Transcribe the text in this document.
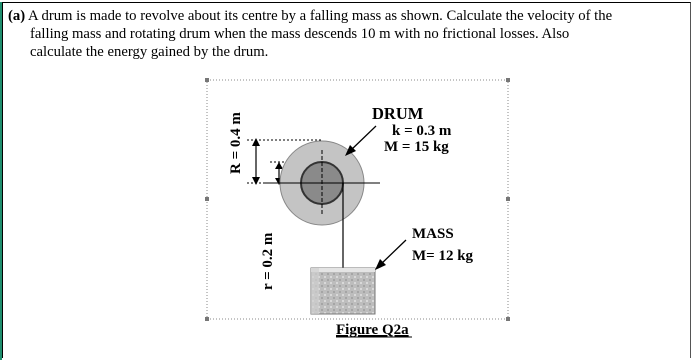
(a) A drum is made to revolve about its centre by a falling mass as shown. Calculate the velocity of the

falling mass and rotating drum when the mass descends 10 m with no frictional losses. Also

calculate the energy gained by the drum.

R = 0.4 m
r = 0.2 m
DRUM
k = 0.3 m
M = 15 kg
MASS
M= 12 kg
Figure Q2a
